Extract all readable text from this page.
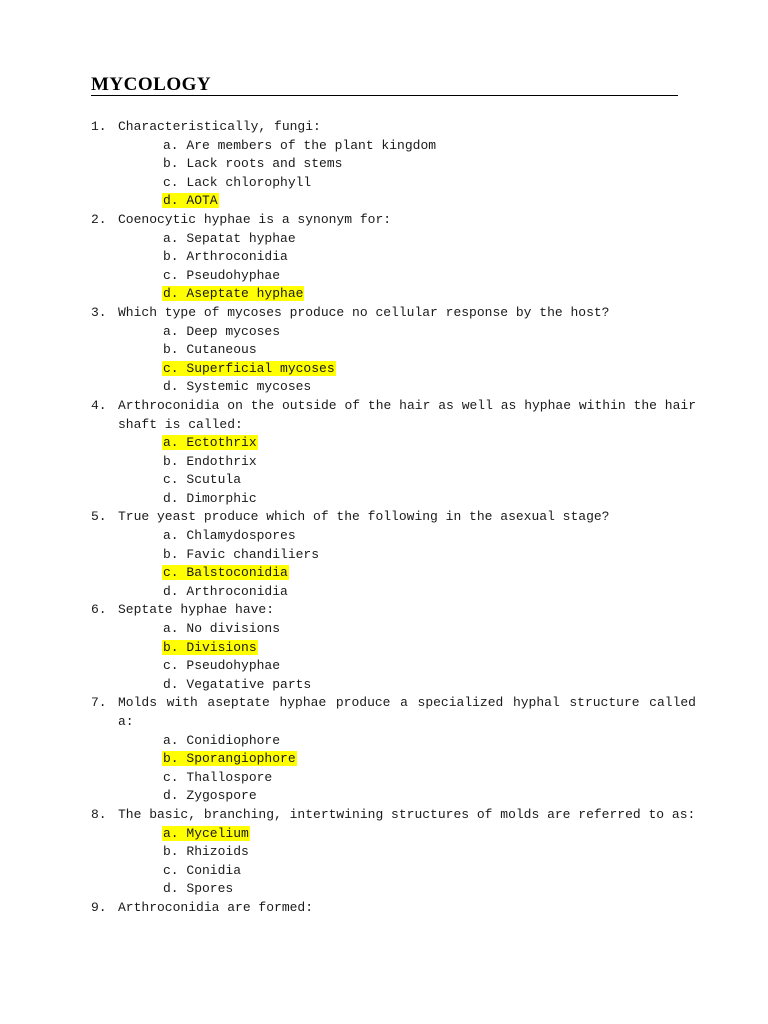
MYCOLOGY
1. Characteristically, fungi:
a. Are members of the plant kingdom
b. Lack roots and stems
c. Lack chlorophyll
d. AOTA
2. Coenocytic hyphae is a synonym for:
a. Sepatat hyphae
b. Arthroconidia
c. Pseudohyphae
d. Aseptate hyphae
3. Which type of mycoses produce no cellular response by the host?
a. Deep mycoses
b. Cutaneous
c. Superficial mycoses
d. Systemic mycoses
4. Arthroconidia on the outside of the hair as well as hyphae within the hair shaft is called:
a. Ectothrix
b. Endothrix
c. Scutula
d. Dimorphic
5. True yeast produce which of the following in the asexual stage?
a. Chlamydospores
b. Favic chandiliers
c. Balstoconidia
d. Arthroconidia
6. Septate hyphae have:
a. No divisions
b. Divisions
c. Pseudohyphae
d. Vegatative parts
7. Molds with aseptate hyphae produce a specialized hyphal structure called a:
a. Conidiophore
b. Sporangiophore
c. Thallospore
d. Zygospore
8. The basic, branching, intertwining structures of molds are referred to as:
a. Mycelium
b. Rhizoids
c. Conidia
d. Spores
9. Arthroconidia are formed:
